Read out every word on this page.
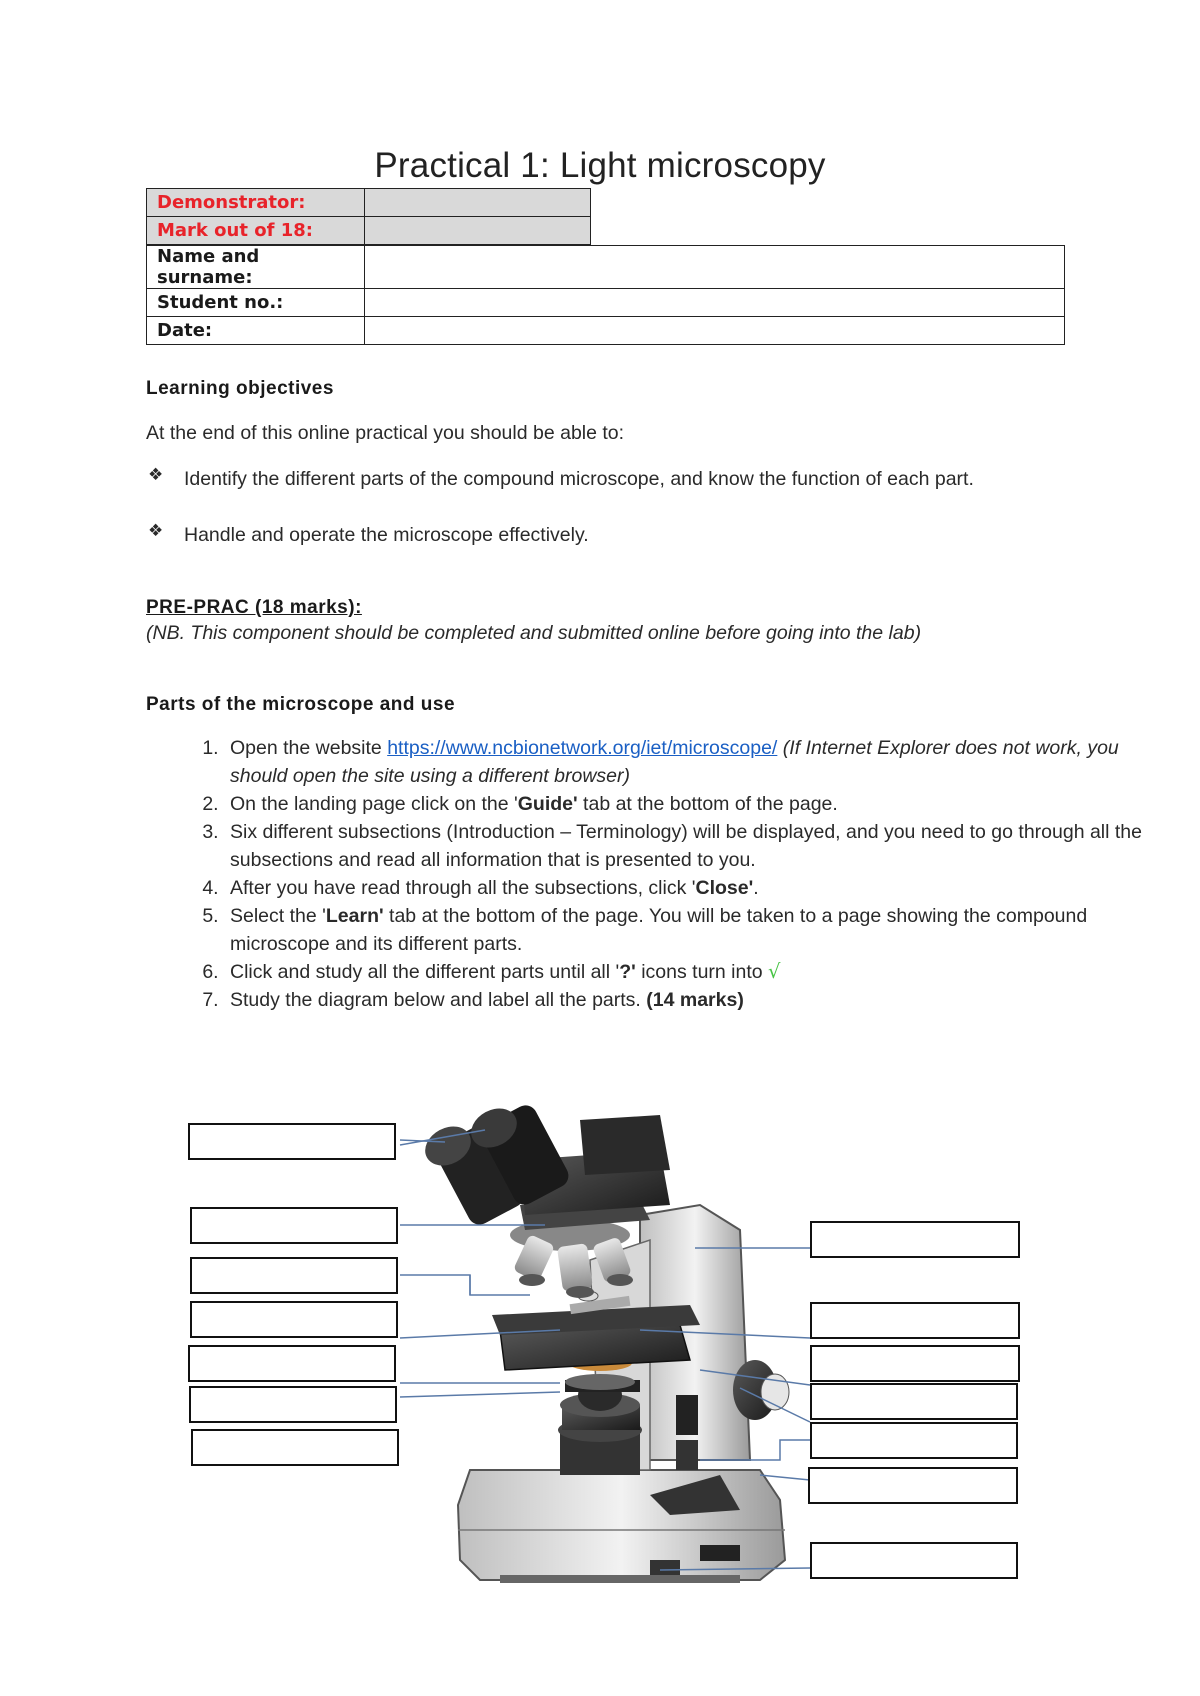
Practical 1: Light microscopy
Demonstrator:	
Mark out of 18:	
Name and surname:	
Student no.:	
Date:	
Learning objectives
At the end of this online practical you should be able to:
❖ Identify the different parts of the compound microscope, and know the function of each part.
❖ Handle and operate the microscope effectively.
PRE-PRAC (18 marks):
(NB. This component should be completed and submitted online before going into the lab)
Parts of the microscope and use
1. Open the website https://www.ncbionetwork.org/iet/microscope/ (If Internet Explorer does not work, you should open the site using a different browser)
2. On the landing page click on the 'Guide' tab at the bottom of the page.
3. Six different subsections (Introduction – Terminology) will be displayed, and you need to go through all the subsections and read all information that is presented to you.
4. After you have read through all the subsections, click 'Close'.
5. Select the 'Learn' tab at the bottom of the page. You will be taken to a page showing the compound microscope and its different parts.
6. Click and study all the different parts until all '?' icons turn into √
7. Study the diagram below and label all the parts. (14 marks)
